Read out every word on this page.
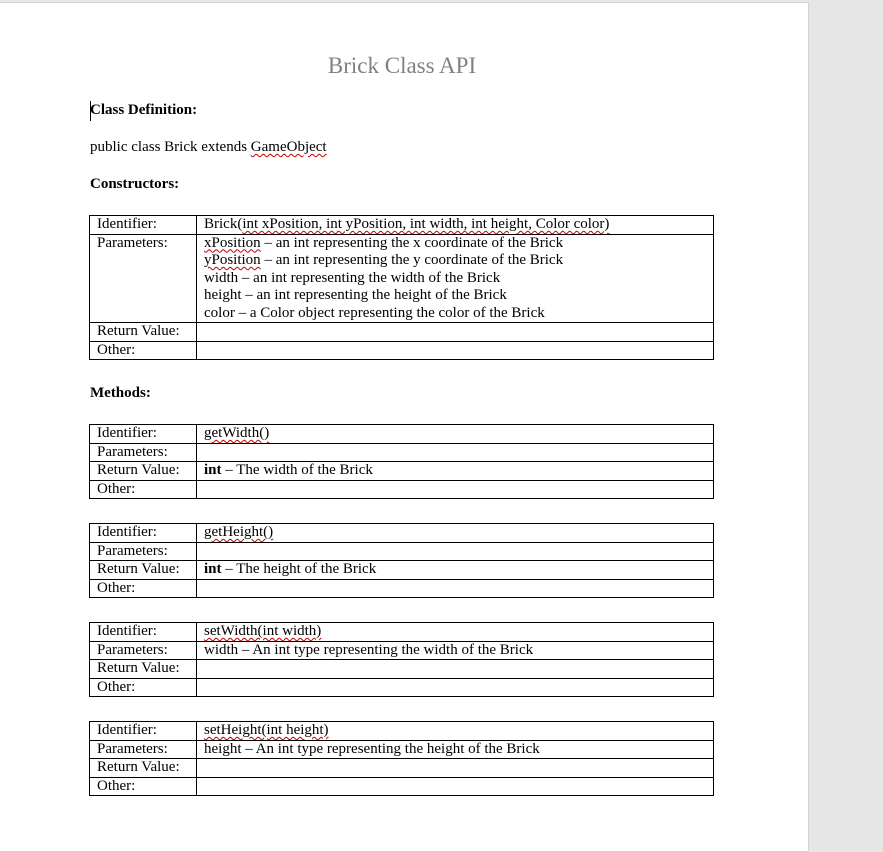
Brick Class API
Class Definition:
public class Brick extends GameObject
Constructors:
Identifier:	Brick(int xPosition, int yPosition, int width, int height, Color color)
Parameters:	xPosition – an int representing the x coordinate of the Brick
yPosition – an int representing the y coordinate of the Brick
width – an int representing the width of the Brick
height – an int representing the height of the Brick
color – a Color object representing the color of the Brick

Return Value:	
Other:	
Methods:
Identifier:	getWidth()
Parameters:	
Return Value:	int – The width of the Brick
Other:	
Identifier:	getHeight()
Parameters:	
Return Value:	int – The height of the Brick
Other:	
Identifier:	setWidth(int width)
Parameters:	width – An int type representing the width of the Brick
Return Value:	
Other:	
Identifier:	setHeight(int height)
Parameters:	height – An int type representing the height of the Brick
Return Value:	
Other:	
